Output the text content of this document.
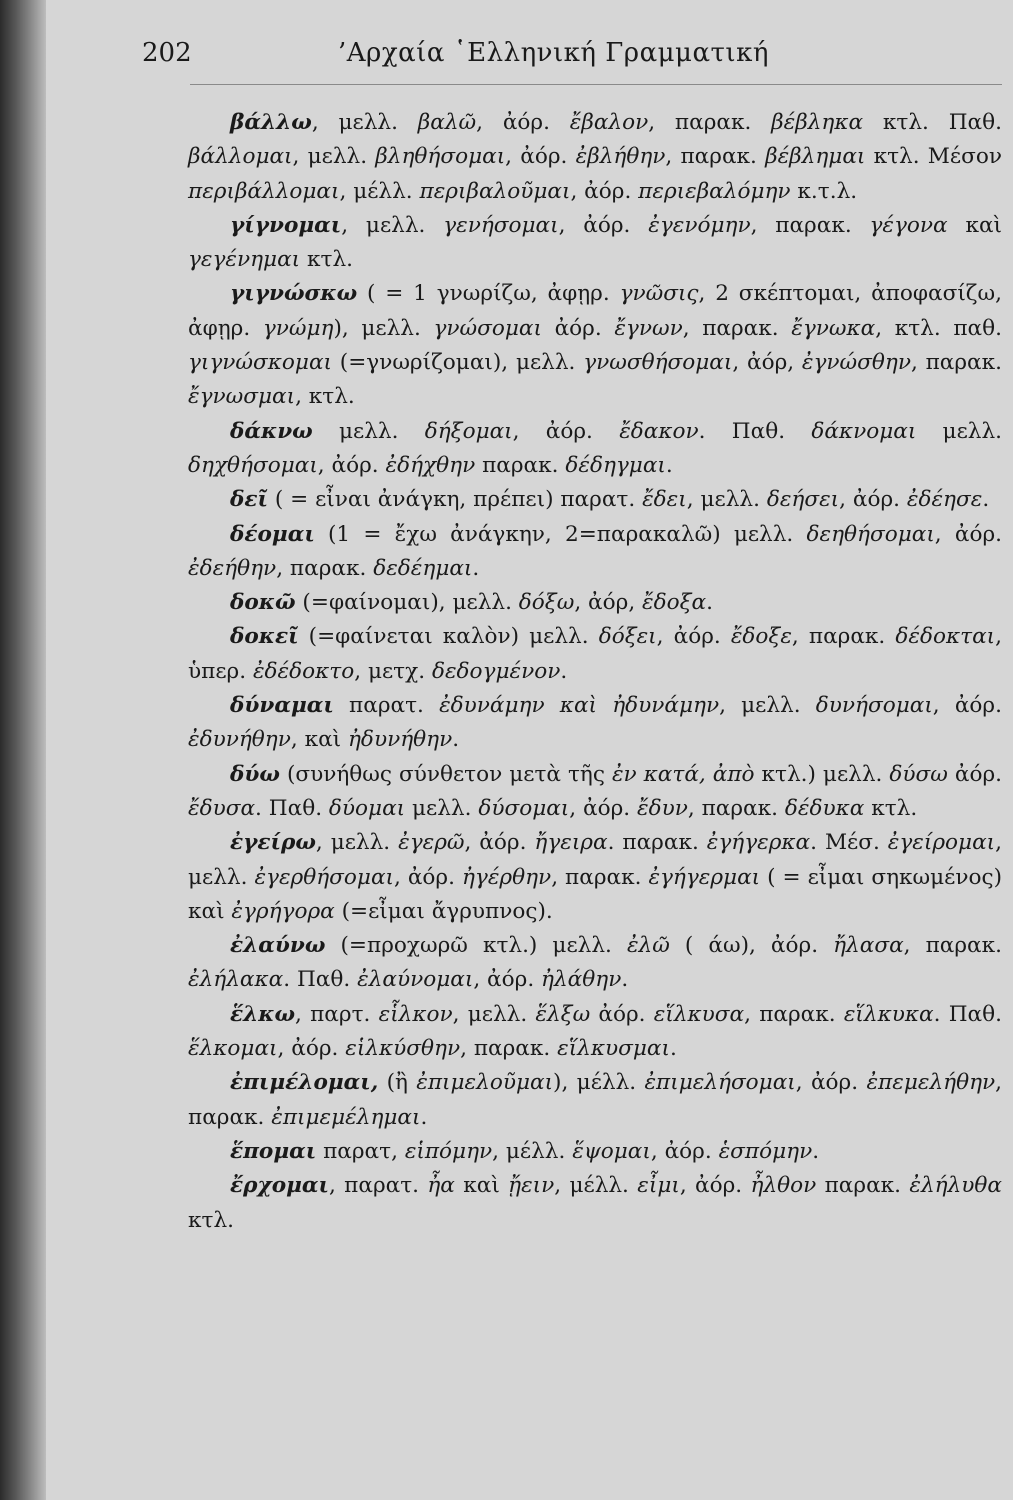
202	’Αρχαία ῾Ελληνική Γραμματική

βάλλω, μελλ. βαλῶ, ἀόρ. ἔβαλον, παρακ. βέβληκα κτλ. Παθ. βάλλομαι, μελλ. βληθήσομαι, ἀόρ. ἐβλήθην, παρακ. βέβλημαι κτλ. Μέσον περιβάλλομαι, μέλλ. περιβαλοῦμαι, ἀόρ. περιεβαλόμην κ.τ.λ.

γίγνομαι, μελλ. γενήσομαι, ἀόρ. ἐγενόμην, παρακ. γέγονα καὶ γεγένημαι κτλ.

γιγνώσκω ( = 1 γνωρίζω, ἀφῃρ. γνῶσις, 2 σκέπτομαι, ἀποφασίζω, ἀφῃρ. γνώμη), μελλ. γνώσομαι ἀόρ. ἔγνων, παρακ. ἔγνωκα, κτλ. παθ. γιγνώσκομαι (=γνωρίζομαι), μελλ. γνωσθήσομαι, ἀόρ, ἐγνώσθην, παρακ. ἔγνωσμαι, κτλ.

δάκνω μελλ. δήξομαι, ἀόρ. ἔδακον. Παθ. δάκνομαι μελλ. δηχθήσομαι, ἀόρ. ἐδήχθην παρακ. δέδηγμαι.

δεῖ ( = εἶναι ἀνάγκη, πρέπει) παρατ. ἔδει, μελλ. δεήσει, ἀόρ. ἐδέησε.

δέομαι (1 = ἔχω ἀνάγκην, 2=παρακαλῶ) μελλ. δεηθήσομαι, ἀόρ. ἐδεήθην, παρακ. δεδέημαι.

δοκῶ (=φαίνομαι), μελλ. δόξω, ἀόρ, ἔδοξα.

δοκεῖ (=φαίνεται καλὸν) μελλ. δόξει, ἀόρ. ἔδοξε, παρακ. δέδοκται, ὑπερ. ἐδέδοκτο, μετχ. δεδογμένον.

δύναμαι παρατ. ἐδυνάμην καὶ ἠδυνάμην, μελλ. δυνήσομαι, ἀόρ. ἐδυνήθην, καὶ ἠδυνήθην.

δύω (συνήθως σύνθετον μετὰ τῆς ἐν κατά, ἀπὸ κτλ.) μελλ. δύσω ἀόρ. ἔδυσα. Παθ. δύομαι μελλ. δύσομαι, ἀόρ. ἔδυν, παρακ. δέδυκα κτλ.

ἐγείρω, μελλ. ἐγερῶ, ἀόρ. ἤγειρα. παρακ. ἐγήγερκα. Μέσ. ἐγείρομαι, μελλ. ἐγερθήσομαι, ἀόρ. ἠγέρθην, παρακ. ἐγήγερμαι ( = εἶμαι σηκωμένος) καὶ ἐγρήγορα (=εἶμαι ἄγρυπνος).

ἐλαύνω (=προχωρῶ κτλ.) μελλ. ἐλῶ ( άω), ἀόρ. ἤλασα, παρακ. ἐλήλακα. Παθ. ἐλαύνομαι, ἀόρ. ἠλάθην.

ἕλκω, παρτ. εἷλκον, μελλ. ἕλξω ἀόρ. εἵλκυσα, παρακ. εἵλκυκα. Παθ. ἕλκομαι, ἀόρ. εἱλκύσθην, παρακ. εἵλκυσμαι.

ἐπιμέλομαι, (ἢ ἐπιμελοῦμαι), μέλλ. ἐπιμελήσομαι, ἀόρ. ἐπεμελήθην, παρακ. ἐπιμεμέλημαι.

ἕπομαι παρατ, εἱπόμην, μέλλ. ἕψομαι, ἀόρ. ἑσπόμην.

ἔρχομαι, παρατ. ἦα καὶ ᾔειν, μέλλ. εἶμι, ἀόρ. ἦλθον παρακ. ἐλήλυθα κτλ.
